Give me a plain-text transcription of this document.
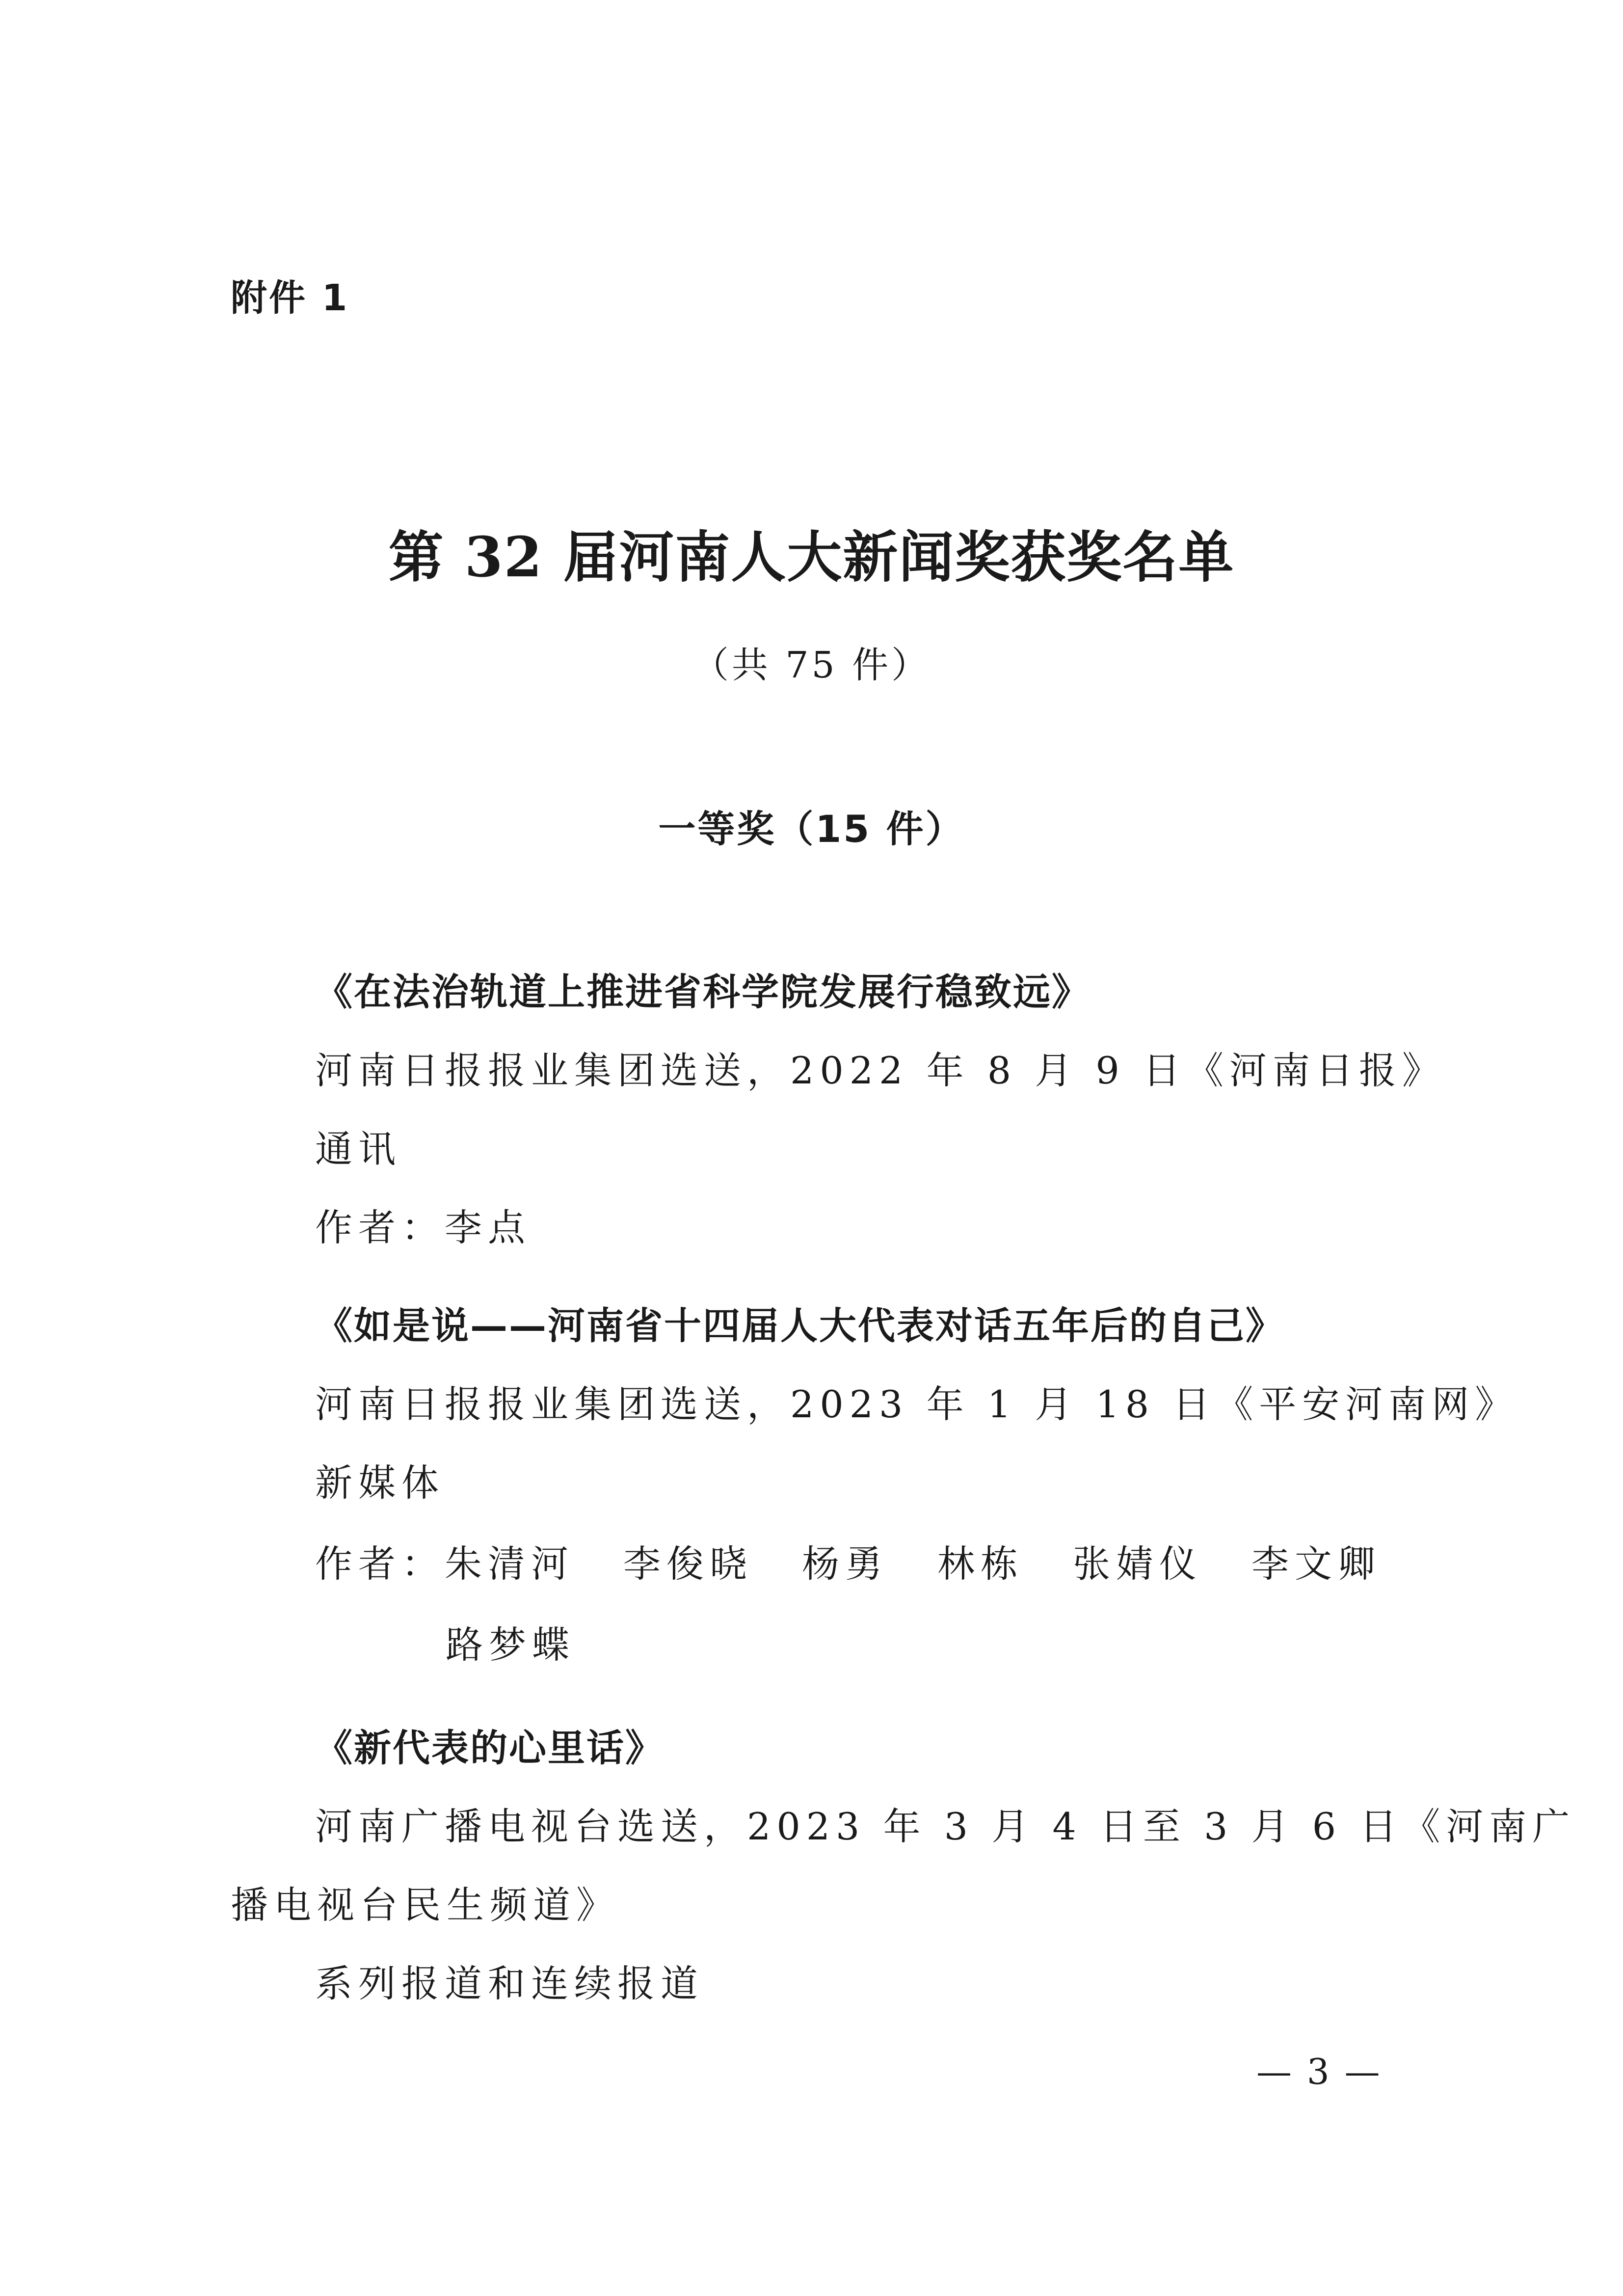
附件 1
第 32 届河南人大新闻奖获奖名单
（共 75 件）
一等奖（15 件）
《在法治轨道上推进省科学院发展行稳致远》
河南日报报业集团选送，2022 年 8 月 9 日《河南日报》
通讯
作者：李点
《如是说——河南省十四届人大代表对话五年后的自己》
河南日报报业集团选送，2023 年 1 月 18 日《平安河南网》
新媒体
作者：朱清河 李俊晓 杨勇 林栋 张婧仪 李文卿
路梦蝶
《新代表的心里话》
河南广播电视台选送，2023 年 3 月 4 日至 3 月 6 日《河南广
播电视台民生频道》
系列报道和连续报道
— 3 —
